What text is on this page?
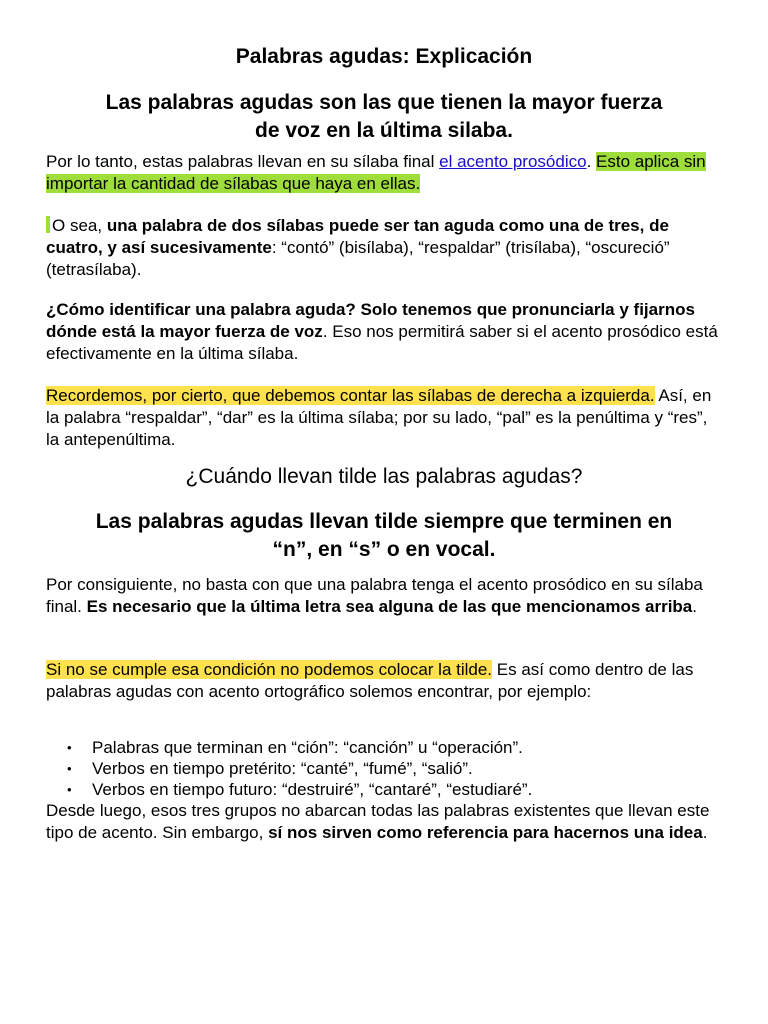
Palabras agudas: Explicación
Las palabras agudas son las que tienen la mayor fuerza
de voz en la última silaba.
Por lo tanto, estas palabras llevan en su sílaba final el acento prosódico. Esto aplica sin importar la cantidad de sílabas que haya en ellas.
O sea, una palabra de dos sílabas puede ser tan aguda como una de tres, de cuatro, y así sucesivamente: “contó” (bisílaba), “respaldar” (trisílaba), “oscureció” (tetrasílaba).
¿Cómo identificar una palabra aguda? Solo tenemos que pronunciarla y fijarnos dónde está la mayor fuerza de voz. Eso nos permitirá saber si el acento prosódico está efectivamente en la última sílaba.
Recordemos, por cierto, que debemos contar las sílabas de derecha a izquierda. Así, en la palabra “respaldar”, “dar” es la última sílaba; por su lado, “pal” es la penúltima y “res”, la antepenúltima.
¿Cuándo llevan tilde las palabras agudas?
Las palabras agudas llevan tilde siempre que terminen en
“n”, en “s” o en vocal.
Por consiguiente, no basta con que una palabra tenga el acento prosódico en su sílaba final. Es necesario que la última letra sea alguna de las que mencionamos arriba.
Si no se cumple esa condición no podemos colocar la tilde. Es así como dentro de las palabras agudas con acento ortográfico solemos encontrar, por ejemplo:
• Palabras que terminan en “ción”: “canción” u “operación”.
• Verbos en tiempo pretérito: “canté”, “fumé”, “salió”.
• Verbos en tiempo futuro: “destruiré”, “cantaré”, “estudiaré”.
Desde luego, esos tres grupos no abarcan todas las palabras existentes que llevan este tipo de acento. Sin embargo, sí nos sirven como referencia para hacernos una idea.
